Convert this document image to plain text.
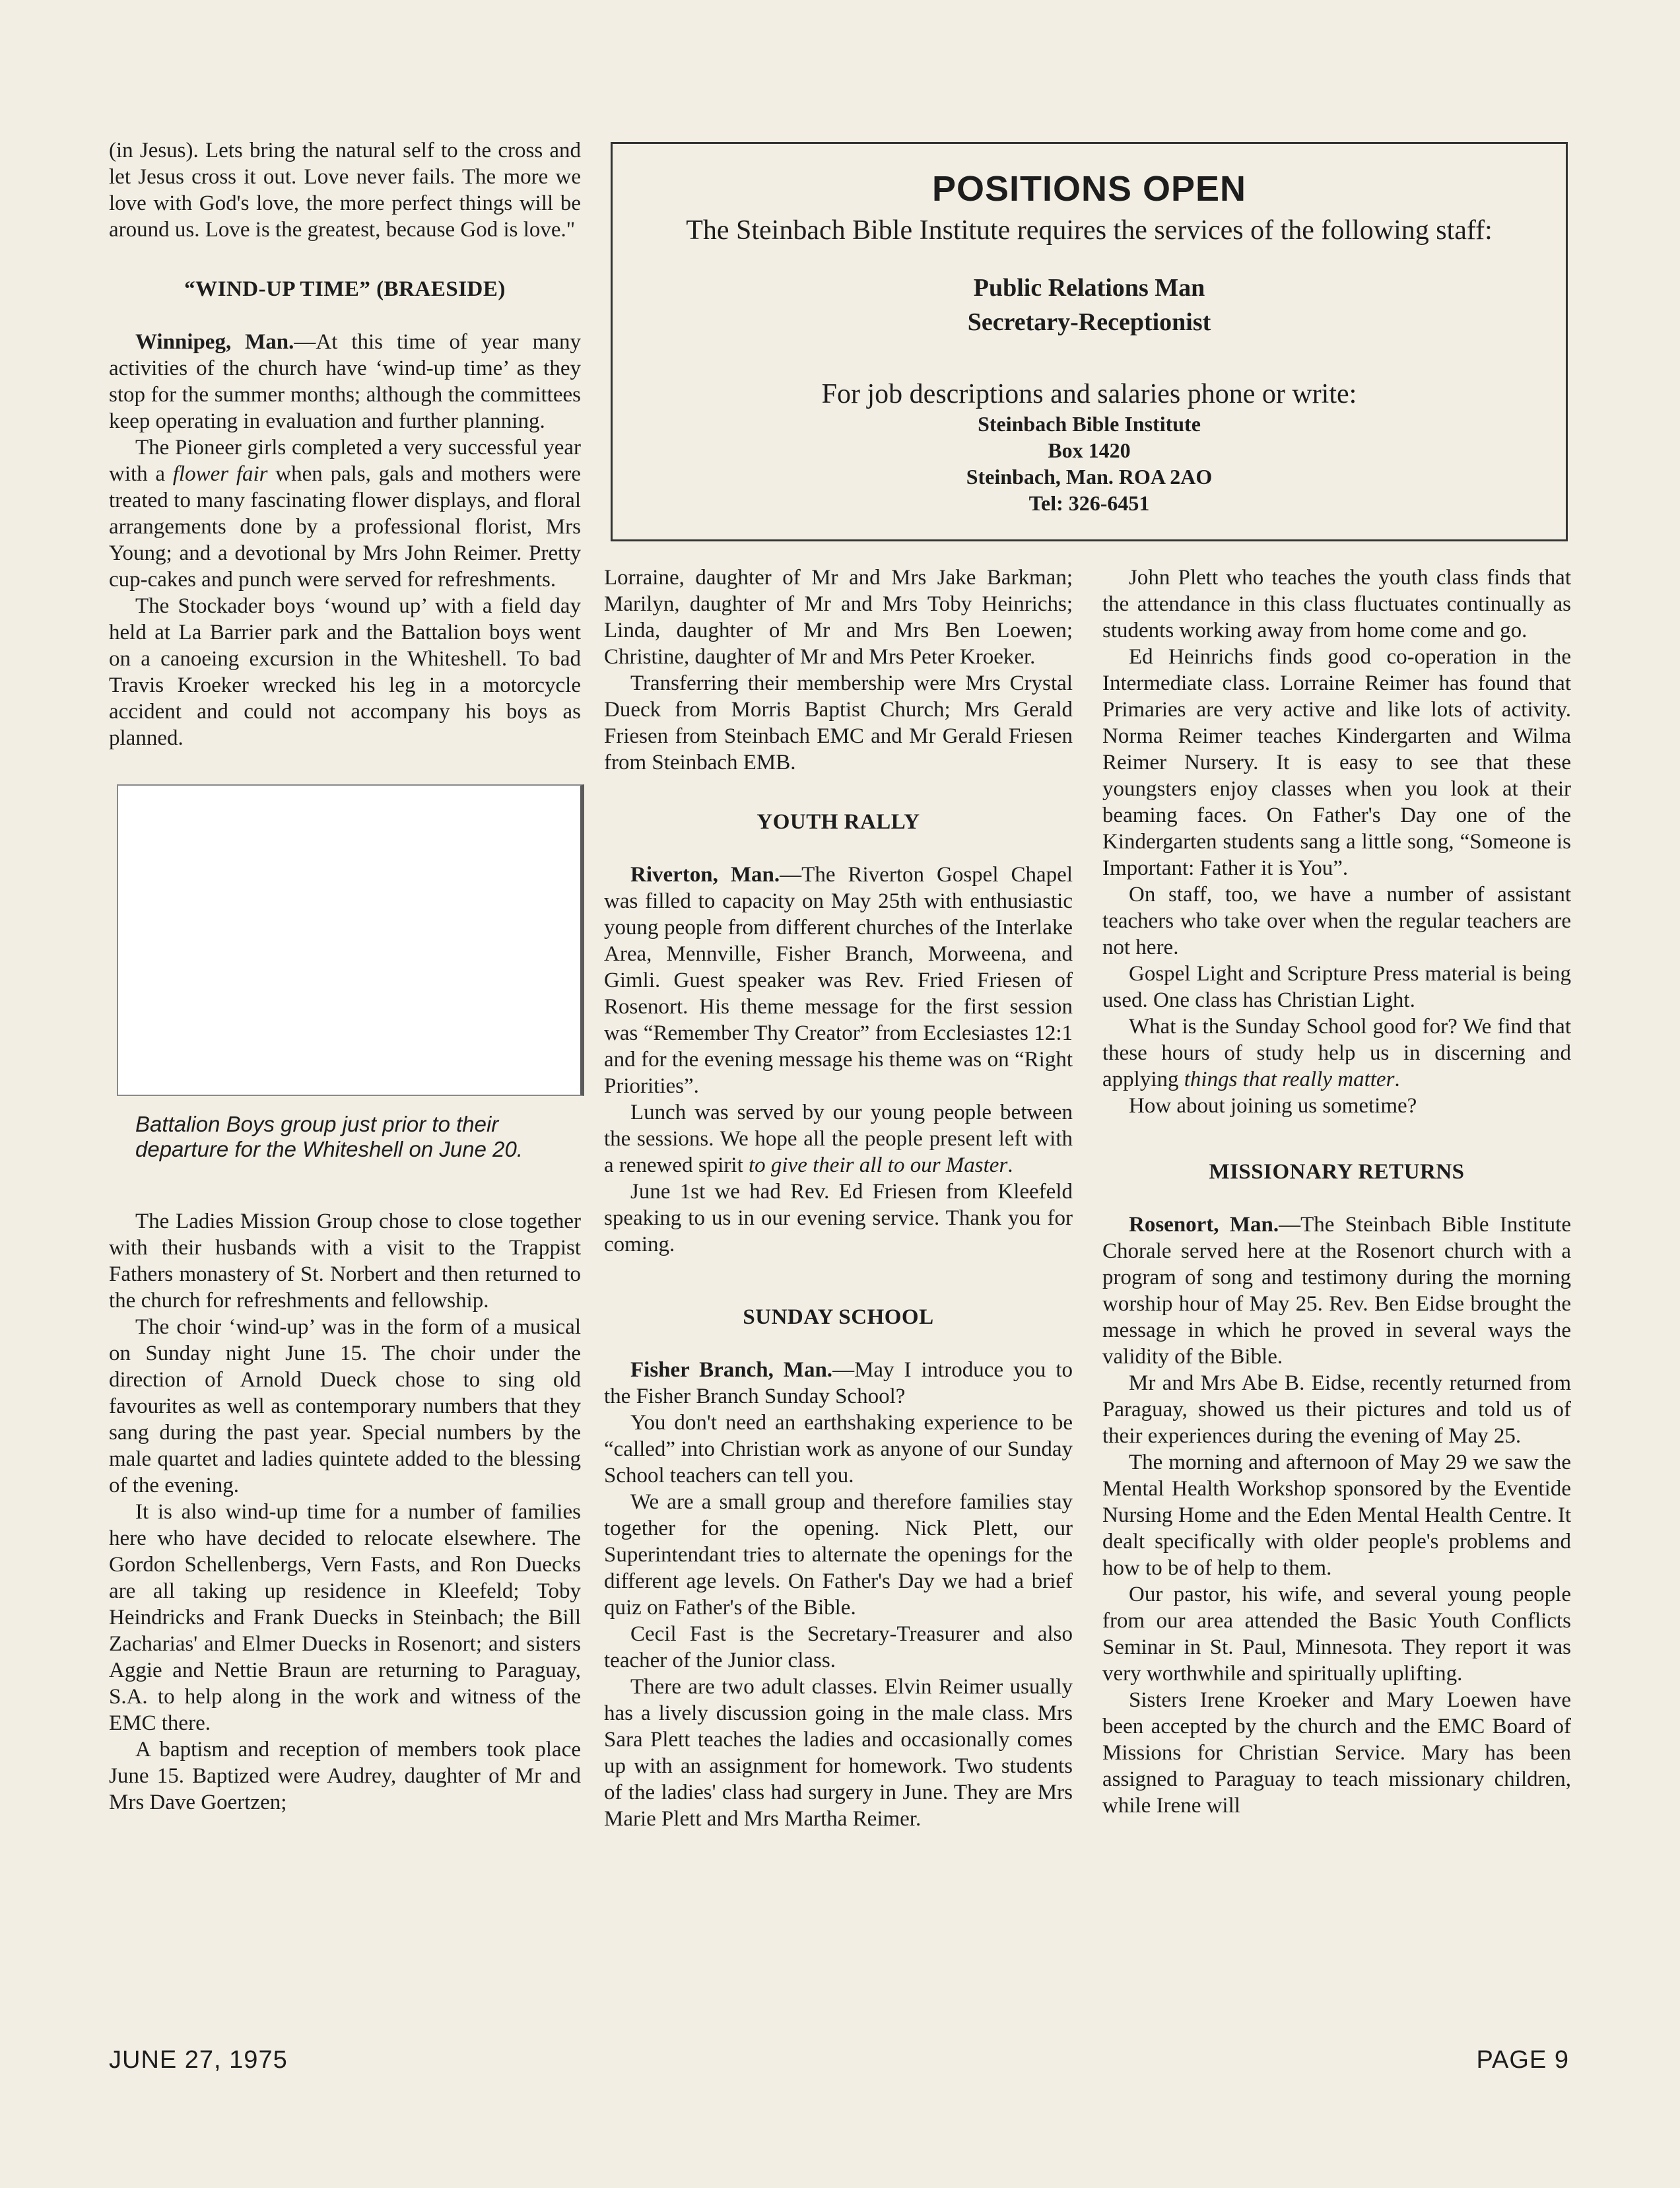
(in Jesus). Lets bring the natural self to the cross and let Jesus cross it out. Love never fails. The more we love with God's love, the more perfect things will be around us. Love is the greatest, because God is love."

“WIND-UP TIME” (BRAESIDE)

Winnipeg, Man.—At this time of year many activities of the church have ‘wind-up time’ as they stop for the summer months; although the committees keep operating in evaluation and further planning.

The Pioneer girls completed a very successful year with a flower fair when pals, gals and mothers were treated to many fascinating flower displays, and floral arrangements done by a professional florist, Mrs Young; and a devotional by Mrs John Reimer. Pretty cup-cakes and punch were served for refreshments.

The Stockader boys ‘wound up’ with a field day held at La Barrier park and the Battalion boys went on a canoeing excursion in the Whiteshell. To bad Travis Kroeker wrecked his leg in a motorcycle accident and could not accompany his boys as planned.

Battalion Boys group just prior to their departure for the Whiteshell on June 20.

The Ladies Mission Group chose to close together with their husbands with a visit to the Trappist Fathers monastery of St. Norbert and then returned to the church for refreshments and fellowship.

The choir ‘wind-up’ was in the form of a musical on Sunday night June 15. The choir under the direction of Arnold Dueck chose to sing old favourites as well as contemporary numbers that they sang during the past year. Special numbers by the male quartet and ladies quintete added to the blessing of the evening.

It is also wind-up time for a number of families here who have decided to relocate elsewhere. The Gordon Schellenbergs, Vern Fasts, and Ron Duecks are all taking up residence in Kleefeld; Toby Heindricks and Frank Duecks in Steinbach; the Bill Zacharias' and Elmer Duecks in Rosenort; and sisters Aggie and Nettie Braun are returning to Paraguay, S.A. to help along in the work and witness of the EMC there.

A baptism and reception of members took place June 15. Baptized were Audrey, daughter of Mr and Mrs Dave Goertzen;

POSITIONS OPEN
The Steinbach Bible Institute requires the services of the following staff:
Public Relations Man
Secretary-Receptionist
For job descriptions and salaries phone or write:
Steinbach Bible Institute
Box 1420
Steinbach, Man. ROA 2AO
Tel: 326-6451

Lorraine, daughter of Mr and Mrs Jake Barkman; Marilyn, daughter of Mr and Mrs Toby Heinrichs; Linda, daughter of Mr and Mrs Ben Loewen; Christine, daughter of Mr and Mrs Peter Kroeker.

Transferring their membership were Mrs Crystal Dueck from Morris Baptist Church; Mrs Gerald Friesen from Steinbach EMC and Mr Gerald Friesen from Steinbach EMB.

YOUTH RALLY

Riverton, Man.—The Riverton Gospel Chapel was filled to capacity on May 25th with enthusiastic young people from different churches of the Interlake Area, Mennville, Fisher Branch, Morweena, and Gimli. Guest speaker was Rev. Fried Friesen of Rosenort. His theme message for the first session was “Remember Thy Creator” from Ecclesiastes 12:1 and for the evening message his theme was on “Right Priorities”.

Lunch was served by our young people between the sessions. We hope all the people present left with a renewed spirit to give their all to our Master.

June 1st we had Rev. Ed Friesen from Kleefeld speaking to us in our evening service. Thank you for coming.

SUNDAY SCHOOL

Fisher Branch, Man.—May I introduce you to the Fisher Branch Sunday School?

You don't need an earthshaking experience to be “called” into Christian work as anyone of our Sunday School teachers can tell you.

We are a small group and therefore families stay together for the opening. Nick Plett, our Superintendant tries to alternate the openings for the different age levels. On Father's Day we had a brief quiz on Father's of the Bible.

Cecil Fast is the Secretary-Treasurer and also teacher of the Junior class.

There are two adult classes. Elvin Reimer usually has a lively discussion going in the male class. Mrs Sara Plett teaches the ladies and occasionally comes up with an assignment for homework. Two students of the ladies' class had surgery in June. They are Mrs Marie Plett and Mrs Martha Reimer.

John Plett who teaches the youth class finds that the attendance in this class fluctuates continually as students working away from home come and go.

Ed Heinrichs finds good co-operation in the Intermediate class. Lorraine Reimer has found that Primaries are very active and like lots of activity. Norma Reimer teaches Kindergarten and Wilma Reimer Nursery. It is easy to see that these youngsters enjoy classes when you look at their beaming faces. On Father's Day one of the Kindergarten students sang a little song, “Someone is Important: Father it is You”.

On staff, too, we have a number of assistant teachers who take over when the regular teachers are not here.

Gospel Light and Scripture Press material is being used. One class has Christian Light.

What is the Sunday School good for? We find that these hours of study help us in discerning and applying things that really matter.

How about joining us sometime?

MISSIONARY RETURNS

Rosenort, Man.—The Steinbach Bible Institute Chorale served here at the Rosenort church with a program of song and testimony during the morning worship hour of May 25. Rev. Ben Eidse brought the message in which he proved in several ways the validity of the Bible.

Mr and Mrs Abe B. Eidse, recently returned from Paraguay, showed us their pictures and told us of their experiences during the evening of May 25.

The morning and afternoon of May 29 we saw the Mental Health Workshop sponsored by the Eventide Nursing Home and the Eden Mental Health Centre. It dealt specifically with older people's problems and how to be of help to them.

Our pastor, his wife, and several young people from our area attended the Basic Youth Conflicts Seminar in St. Paul, Minnesota. They report it was very worthwhile and spiritually uplifting.

Sisters Irene Kroeker and Mary Loewen have been accepted by the church and the EMC Board of Missions for Christian Service. Mary has been assigned to Paraguay to teach missionary children, while Irene will

JUNE 27, 1975	PAGE 9
